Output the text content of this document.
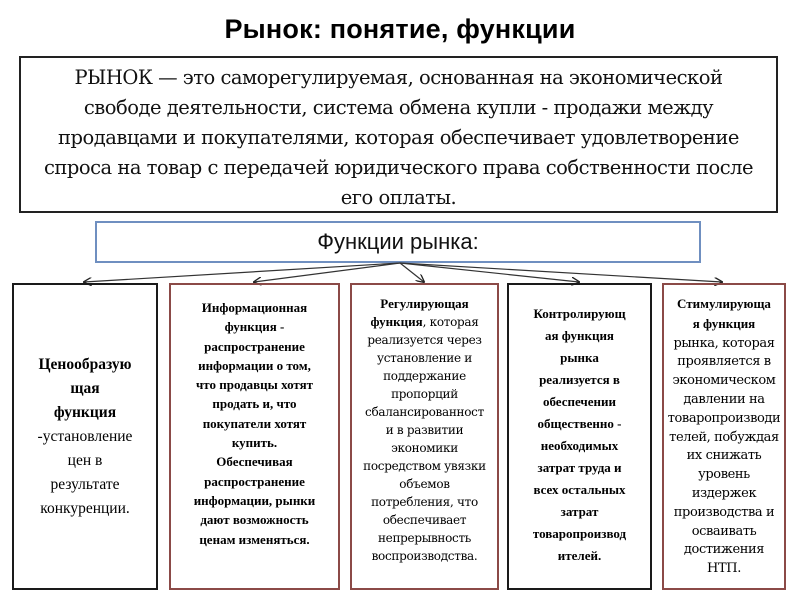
Рынок: понятие, функции

РЫНОК — это саморегулируемая, основанная на экономической
свободе деятельности, система обмена купли - продажи между
продавцами и покупателями, которая обеспечивает удовлетворение
спроса на товар с передачей юридического права собственности после
его оплаты.

Функции рынка:
Ценообразую
щая
функция
-установление
цен в
результате
конкуренции.
Информационная
функция -
распространение
информации о том,
что продавцы хотят
продать и, что
покупатели хотят
купить.
Обеспечивая
распространение
информации, рынки
дают возможность
ценам изменяться.
Регулирующая
функция, которая
реализуется через
установление и
поддержание
пропорций
сбалансированност
и в развитии
экономики
посредством увязки
объемов
потребления, что
обеспечивает
непрерывность
воспроизводства.
Контролирующ
ая функция
рынка
реализуется в
обеспечении
общественно -
необходимых
затрат труда и
всех остальных
затрат
товаропроизвод
ителей.
Стимулирующа
я функция
рынка, которая
проявляется в
экономическом
давлении на
товаропроизводи
телей, побуждая
их снижать
уровень
издержек
производства и
осваивать
достижения
НТП.
